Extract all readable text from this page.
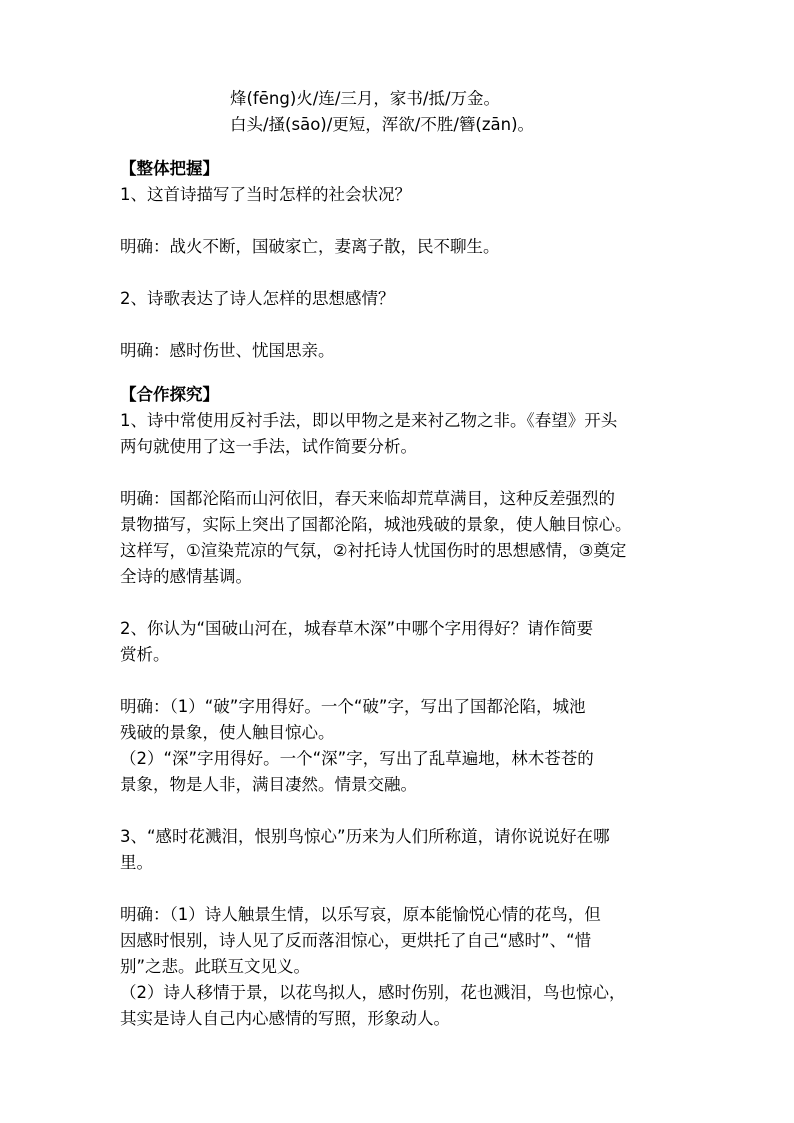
烽(fēng)火/连/三月，家书/抵/万金。
白头/搔(sāo)/更短，浑欲/不胜/簪(zān)。
【整体把握】
1、这首诗描写了当时怎样的社会状况？
明确：战火不断，国破家亡，妻离子散，民不聊生。
2、诗歌表达了诗人怎样的思想感情？
明确：感时伤世、忧国思亲。
【合作探究】
1、诗中常使用反衬手法，即以甲物之是来衬乙物之非。《春望》开头
两句就使用了这一手法，试作简要分析。
明确：国都沦陷而山河依旧，春天来临却荒草满目，这种反差强烈的
景物描写，实际上突出了国都沦陷，城池残破的景象，使人触目惊心。
这样写，①渲染荒凉的气氛，②衬托诗人忧国伤时的思想感情，③奠定
全诗的感情基调。
2、你认为“国破山河在，城春草木深”中哪个字用得好？请作简要
赏析。
明确：（1）“破”字用得好。一个“破”字，写出了国都沦陷，城池
残破的景象，使人触目惊心。
（2）“深”字用得好。一个“深”字，写出了乱草遍地，林木苍苍的
景象，物是人非，满目凄然。情景交融。
3、“感时花溅泪，恨别鸟惊心”历来为人们所称道，请你说说好在哪
里。
明确：（1）诗人触景生情，以乐写哀，原本能愉悦心情的花鸟，但
因感时恨别，诗人见了反而落泪惊心，更烘托了自己“感时”、“惜
别”之悲。此联互文见义。
（2）诗人移情于景，以花鸟拟人，感时伤别，花也溅泪，鸟也惊心，
其实是诗人自己内心感情的写照，形象动人。
